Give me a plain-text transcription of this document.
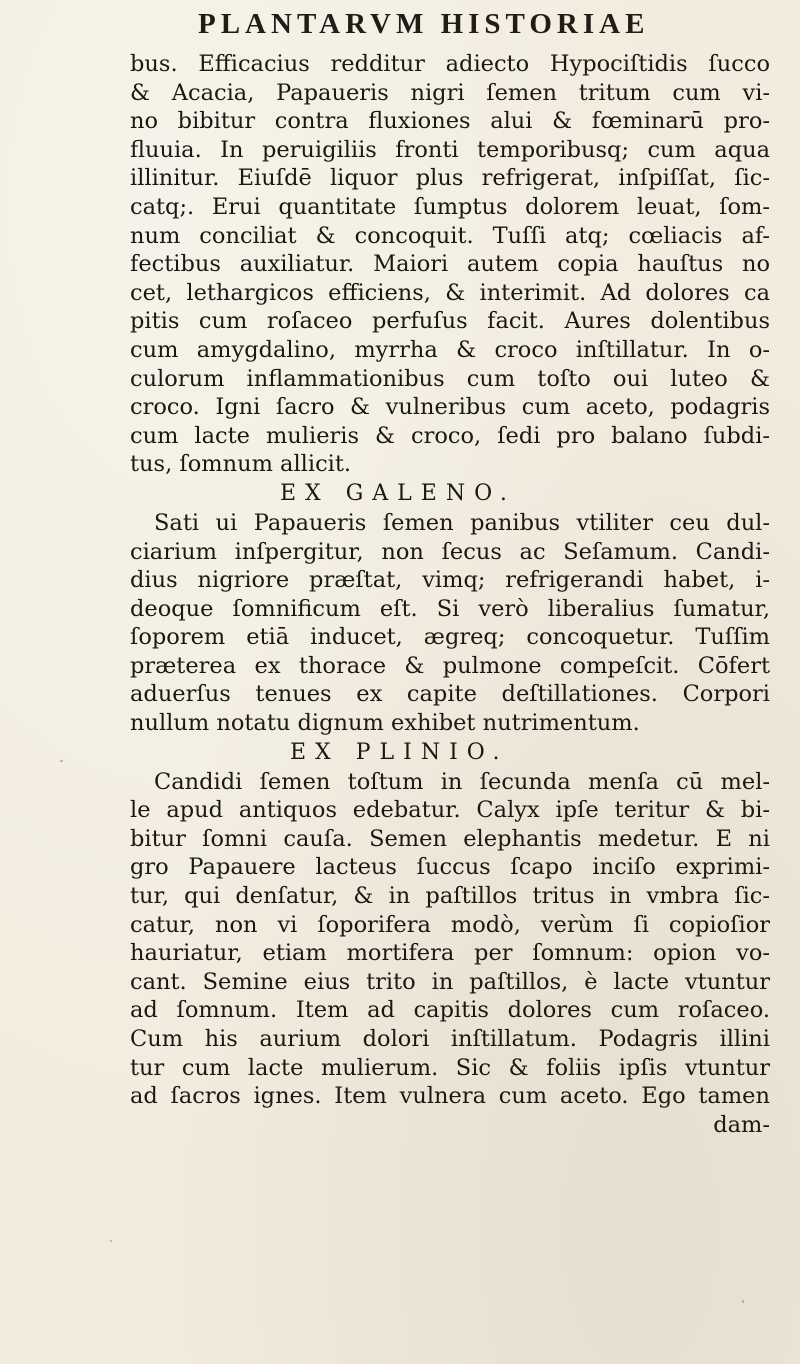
PLANTARVM HISTORIAE
bus. Efficacius redditur adiecto Hypociſtidis ſucco
& Acacia, Papaueris nigri ſemen tritum cum vi-
no bibitur contra fluxiones alui & fœminarū pro-
fluuia. In peruigiliis fronti temporibusq; cum aqua
illinitur. Eiuſdē liquor plus refrigerat, inſpiſſat, ſic-
catq;. Erui quantitate ſumptus dolorem leuat, ſom-
num conciliat & concoquit. Tuſſi atq; cœliacis af-
fectibus auxiliatur. Maiori autem copia hauſtus no
cet, lethargicos efficiens, & interimit. Ad dolores ca
pitis cum roſaceo perfuſus facit. Aures dolentibus
cum amygdalino, myrrha & croco inſtillatur. In o-
culorum inflammationibus cum toſto oui luteo &
croco. Igni ſacro & vulneribus cum aceto, podagris
cum lacte mulieris & croco, ſedi pro balano ſubdi-
tus, ſomnum allicit.
EX GALENO.
Sati ui Papaueris ſemen panibus vtiliter ceu dul-
ciarium inſpergitur, non ſecus ac Seſamum. Candi-
dius nigriore præſtat, vimq; refrigerandi habet, i-
deoque ſomnificum eſt. Si verò liberalius ſumatur,
ſoporem etiā inducet, ægreq; concoquetur. Tuſſim
præterea ex thorace & pulmone compeſcit. Cōfert
aduerſus tenues ex capite deſtillationes. Corpori
nullum notatu dignum exhibet nutrimentum.
EX PLINIO.
Candidi ſemen toſtum in ſecunda menſa cū mel-
le apud antiquos edebatur. Calyx ipſe teritur & bi-
bitur ſomni cauſa. Semen elephantis medetur. E ni
gro Papauere lacteus ſuccus ſcapo inciſo exprimi-
tur, qui denſatur, & in paſtillos tritus in vmbra ſic-
catur, non vi ſoporifera modò, verùm ſi copioſior
hauriatur, etiam mortifera per ſomnum: opion vo-
cant. Semine eius trito in paſtillos, è lacte vtuntur
ad ſomnum. Item ad capitis dolores cum roſaceo.
Cum his aurium dolori inſtillatum. Podagris illini
tur cum lacte mulierum. Sic & foliis ipſis vtuntur
ad ſacros ignes. Item vulnera cum aceto. Ego tamen
dam-
